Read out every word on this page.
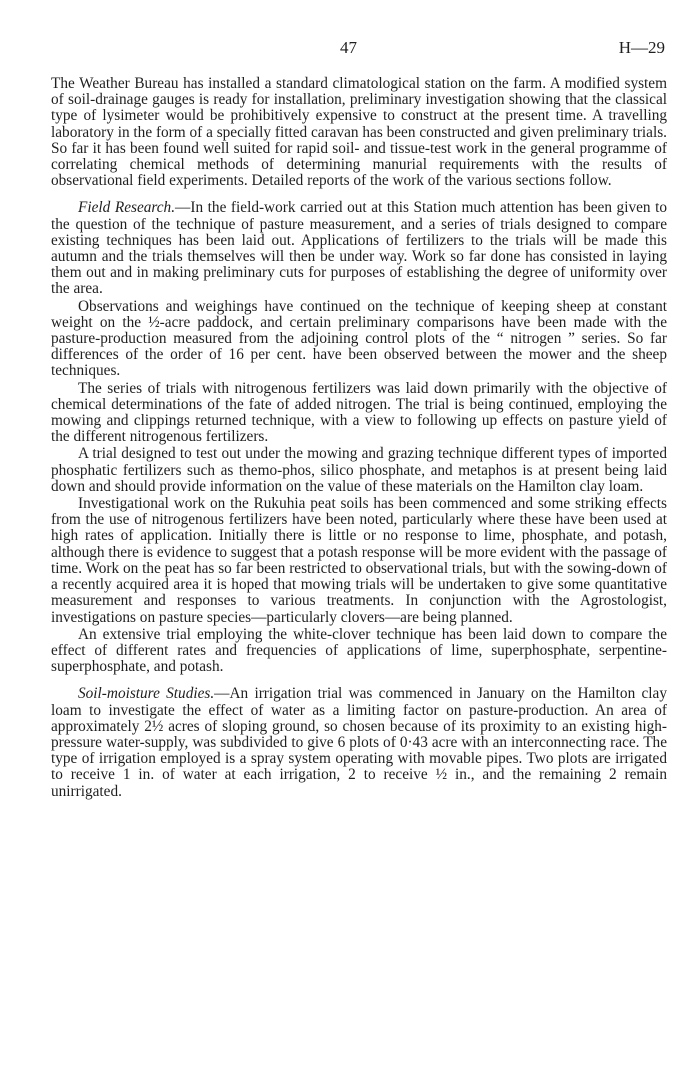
47	H—29

The Weather Bureau has installed a standard climatological station on the farm. A modified system of soil-drainage gauges is ready for installation, preliminary investigation showing that the classical type of lysimeter would be prohibitively expensive to construct at the present time. A travelling laboratory in the form of a specially fitted caravan has been constructed and given preliminary trials. So far it has been found well suited for rapid soil- and tissue-test work in the general programme of correlating chemical methods of determining manurial requirements with the results of observational field experiments. Detailed reports of the work of the various sections follow.

Field Research.—In the field-work carried out at this Station much attention has been given to the question of the technique of pasture measurement, and a series of trials designed to compare existing techniques has been laid out. Applications of fertilizers to the trials will be made this autumn and the trials themselves will then be under way. Work so far done has consisted in laying them out and in making preliminary cuts for purposes of establishing the degree of uniformity over the area.

Observations and weighings have continued on the technique of keeping sheep at constant weight on the ½-acre paddock, and certain preliminary comparisons have been made with the pasture-production measured from the adjoining control plots of the “ nitrogen ” series. So far differences of the order of 16 per cent. have been observed between the mower and the sheep techniques.

The series of trials with nitrogenous fertilizers was laid down primarily with the objective of chemical determinations of the fate of added nitrogen. The trial is being continued, employing the mowing and clippings returned technique, with a view to following up effects on pasture yield of the different nitrogenous fertilizers.

A trial designed to test out under the mowing and grazing technique different types of imported phosphatic fertilizers such as themo-phos, silico phosphate, and metaphos is at present being laid down and should provide information on the value of these materials on the Hamilton clay loam.

Investigational work on the Rukuhia peat soils has been commenced and some striking effects from the use of nitrogenous fertilizers have been noted, particularly where these have been used at high rates of application. Initially there is little or no response to lime, phosphate, and potash, although there is evidence to suggest that a potash response will be more evident with the passage of time. Work on the peat has so far been restricted to observational trials, but with the sowing-down of a recently acquired area it is hoped that mowing trials will be undertaken to give some quantitative measurement and responses to various treatments. In conjunction with the Agrostologist, investigations on pasture species—particularly clovers—are being planned.

An extensive trial employing the white-clover technique has been laid down to compare the effect of different rates and frequencies of applications of lime, superphosphate, serpentine-superphosphate, and potash.

Soil-moisture Studies.—An irrigation trial was commenced in January on the Hamilton clay loam to investigate the effect of water as a limiting factor on pasture-production. An area of approximately 2½ acres of sloping ground, so chosen because of its proximity to an existing high-pressure water-supply, was subdivided to give 6 plots of 0·43 acre with an interconnecting race. The type of irrigation employed is a spray system operating with movable pipes. Two plots are irrigated to receive 1 in. of water at each irrigation, 2 to receive ½ in., and the remaining 2 remain unirrigated.
